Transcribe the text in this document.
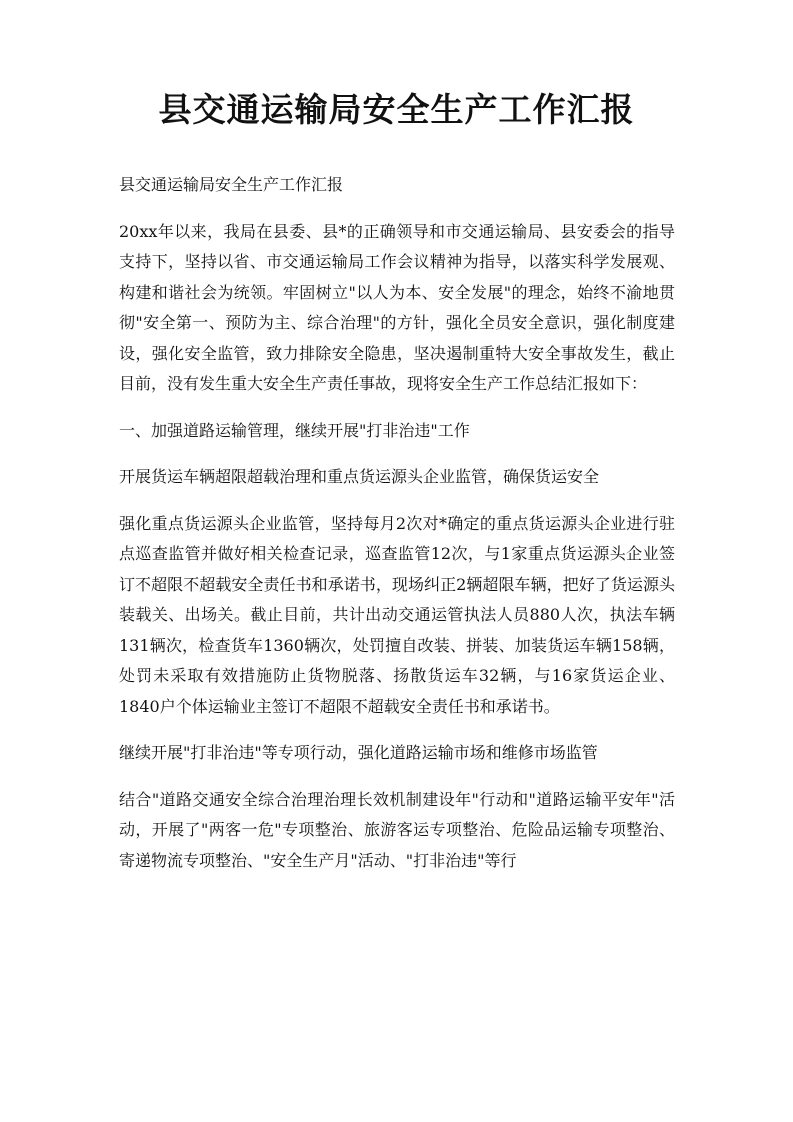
县交通运输局安全生产工作汇报

县交通运输局安全生产工作汇报

20xx年以来，我局在县委、县*的正确领导和市交通运输局、县安委会的指导支持下，坚持以省、市交通运输局工作会议精神为指导，以落实科学发展观、构建和谐社会为统领。牢固树立"以人为本、安全发展"的理念，始终不渝地贯彻"安全第一、预防为主、综合治理"的方针，强化全员安全意识，强化制度建设，强化安全监管，致力排除安全隐患，坚决遏制重特大安全事故发生，截止目前，没有发生重大安全生产责任事故，现将安全生产工作总结汇报如下：

一、加强道路运输管理，继续开展"打非治违"工作

开展货运车辆超限超载治理和重点货运源头企业监管，确保货运安全

强化重点货运源头企业监管，坚持每月2次对*确定的重点货运源头企业进行驻点巡查监管并做好相关检查记录，巡查监管12次，与1家重点货运源头企业签订不超限不超载安全责任书和承诺书，现场纠正2辆超限车辆，把好了货运源头装载关、出场关。截止目前，共计出动交通运管执法人员880人次，执法车辆131辆次，检查货车1360辆次，处罚擅自改装、拼装、加装货运车辆158辆，处罚未采取有效措施防止货物脱落、扬散货运车32辆，与16家货运企业、1840户个体运输业主签订不超限不超载安全责任书和承诺书。

继续开展"打非治违"等专项行动，强化道路运输市场和维修市场监管

结合"道路交通安全综合治理治理长效机制建设年"行动和"道路运输平安年"活动，开展了"两客一危"专项整治、旅游客运专项整治、危险品运输专项整治、寄递物流专项整治、"安全生产月"活动、"打非治违"等行
